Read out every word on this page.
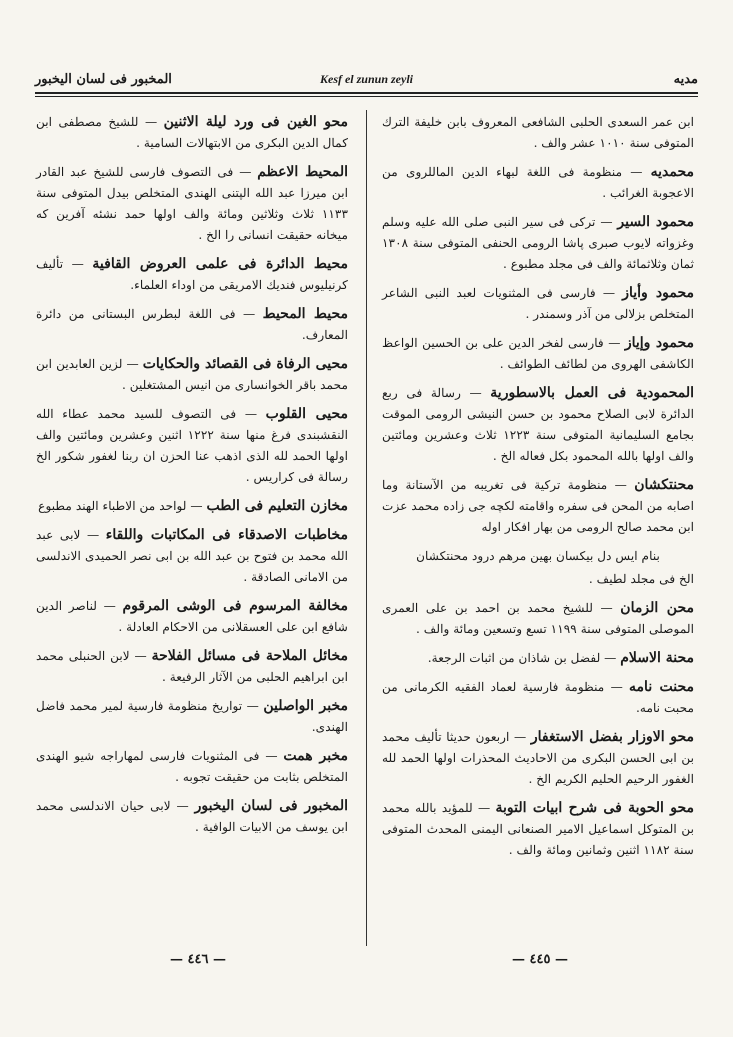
المخبور فى لسان اليخبور	Kesf el zunun zeyli	مديه
محو الغين فى ورد ليلة الاثنين — للشيخ مصطفى ابن كمال الدين البكرى من الابتهالات السامية .
المحيط الاعظم — فى التصوف فارسى للشيخ عبد القادر ابن ميرزا عبد الله الپتنى الهندى المتخلص بيدل المتوفى سنة ١١٣٣ ثلاث وثلاثين ومائة والف اولها حمد نشئه آفرين كه ميخانه حقيقت انسانى را الخ .
محيط الدائرة فى علمى العروض القافية — تأليف كرنيليوس فنديك الامريقى من اوداء العلماء.
محيط المحيط — فى اللغة لبطرس البستانى من دائرة المعارف.
محيى الرفاة فى القصائد والحكايات — لزين العابدين ابن محمد باقر الخوانسارى من انيس المشتغلين .
محيى القلوب — فى التصوف للسيد محمد عطاء الله النقشبندى فرغ منها سنة ١٢٢٢ اثنين وعشرين ومائتين والف اولها الحمد لله الذى اذهب عنا الحزن ان ربنا لغفور شكور الخ رسالة فى كراريس .
مخازن التعليم فى الطب — لواحد من الاطباء الهند مطبوع
مخاطبات الاصدقاء فى المكاتبات واللقاء — لابى عبد الله محمد بن فتوح بن عبد الله بن ابى نصر الحميدى الاندلسى من الامانى الصادقة .
مخالفة المرسوم فى الوشى المرقوم — لناصر الدين شافع ابن على العسقلانى من الاحكام العادلة .
مخائل الملاحة فى مسائل الفلاحة — لابن الحنبلى محمد ابن ابراهيم الحلبى من الآثار الرفيعة .
مخبر الواصلين — تواريخ منظومة فارسية لمير محمد فاضل الهندى.
مخبر همت — فى المثنويات فارسى لمهاراجه شيو الهندى المتخلص بثابت من حقيقت تجوبه .
المخبور فى لسان اليخبور — لابى حيان الاندلسى محمد ابن يوسف من الابيات الوافية .
ابن عمر السعدى الحلبى الشافعى المعروف بابن خليفة الترك المتوفى سنة ١٠١٠ عشر والف .
محمديه — منظومة فى اللغة لبهاء الدين الماللروى من الاعجوبة الغرائب .
محمود السير — تركى فى سير النبى صلى الله عليه وسلم وغزواته لايوب صبرى پاشا الرومى الحنفى المتوفى سنة ١٣٠٨ ثمان وثلاثمائة والف فى مجلد مطبوع .
محمود وأياز — فارسى فى المثنويات لعبد النبى الشاعر المتخلص بزلالى من آذر وسمندر .
محمود وإياز — فارسى لفخر الدين على بن الحسين الواعظ الكاشفى الهروى من لطائف الطوائف .
المحمودية فى العمل بالاسطورية — رسالة فى ربع الدائرة لابى الصلاح محمود بن حسن النيشى الرومى الموقت بجامع السليمانية المتوفى سنة ١٢٢٣ ثلاث وعشرين ومائتين والف اولها بالله المحمود بكل فعاله الخ .
محنتكشان — منظومة تركية فى تغريبه من الآستانة وما اصابه من المحن فى سفره واقامته لكچه جى زاده محمد عزت ابن محمد صالح الرومى من بهار افكار اوله
بنام ايس دل بيكسان بهين مرهم درود محنتكشان
الخ فى مجلد لطيف .
محن الزمان — للشيخ محمد بن احمد بن على العمرى الموصلى المتوفى سنة ١١٩٩ تسع وتسعين ومائة والف .
محنة الاسلام — لفضل بن شاذان من اثبات الرجعة.
محنت نامه — منظومة فارسية لعماد الفقيه الكرمانى من محبت نامه.
محو الاوزار بفضل الاستغفار — اربعون حديثا تأليف محمد بن ابى الحسن البكرى من الاحاديث المحذرات اولها الحمد لله الغفور الرحيم الحليم الكريم الخ .
محو الحوبة فى شرح ابيات التوبة — للمؤيد بالله محمد بن المتوكل اسماعيل الامير الصنعانى اليمنى المحدث المتوفى سنة ١١٨٢ اثنين وثمانين ومائة والف .
— ٤٤٦ —	— ٤٤٥ —
